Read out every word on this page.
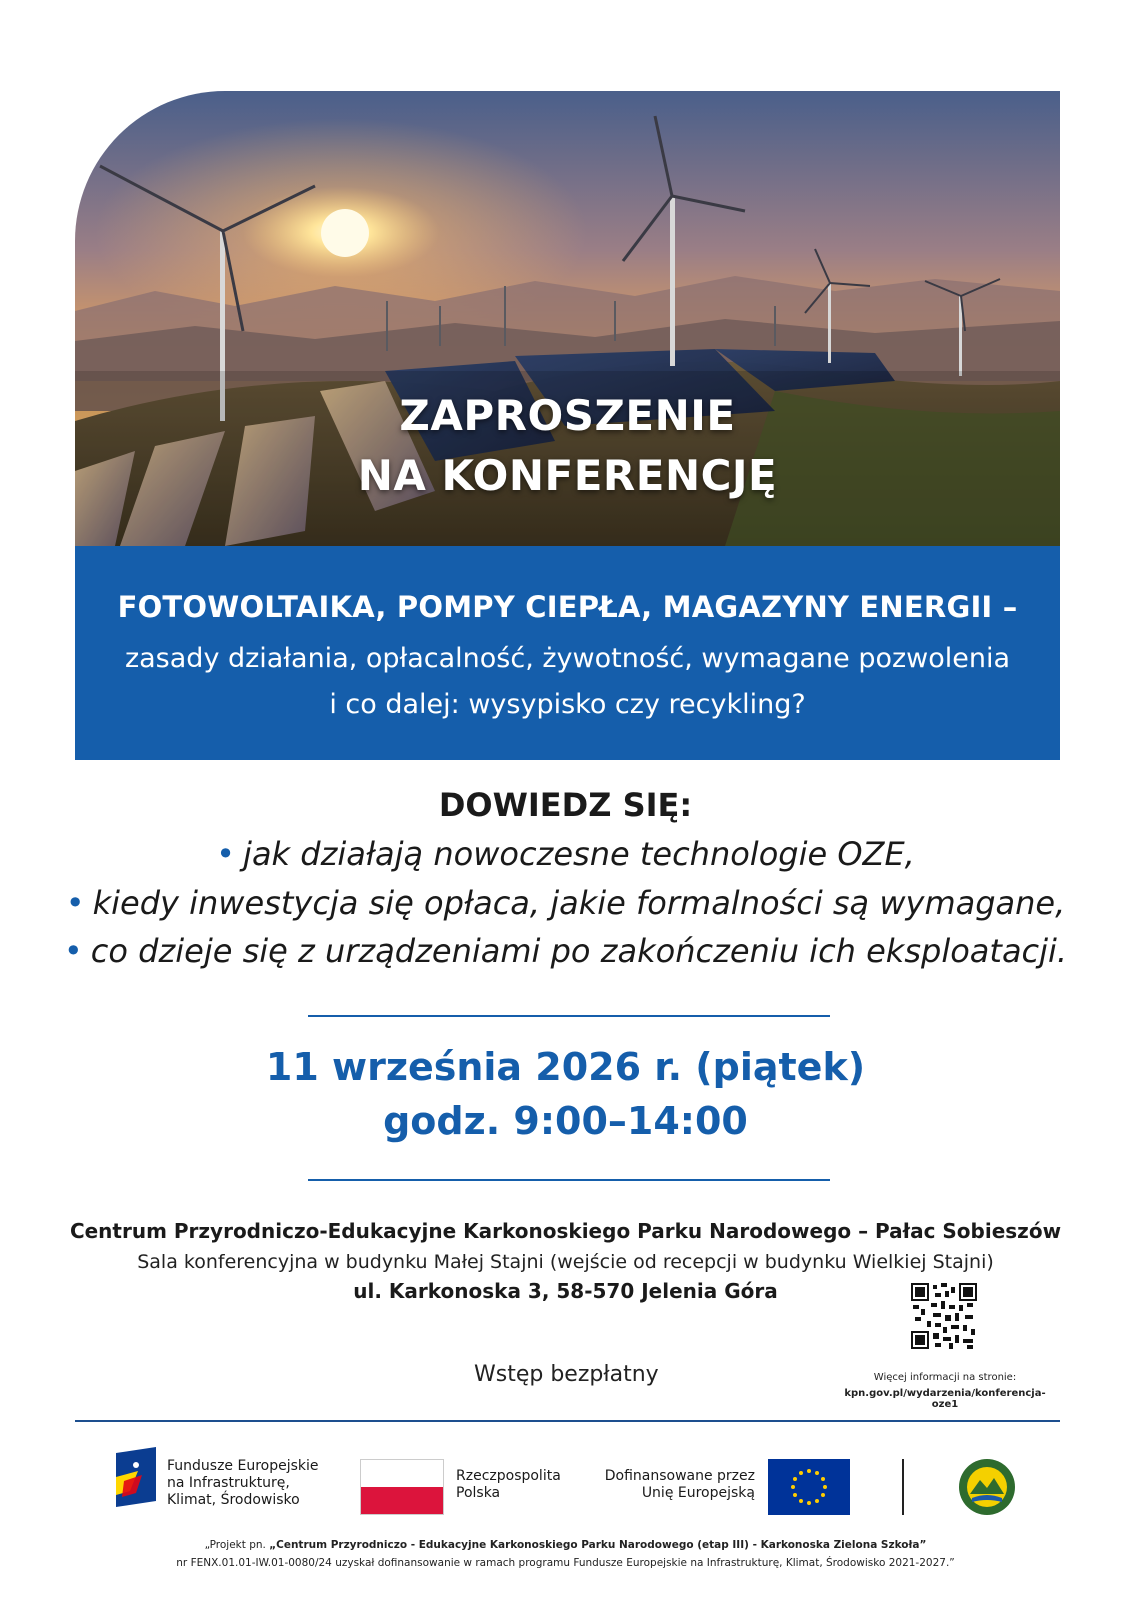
ZAPROSZENIE
NA KONFERENCJĘ
FOTOWOLTAIKA, POMPY CIEPŁA, MAGAZYNY ENERGII –
zasady działania, opłacalność, żywotność, wymagane pozwolenia
i co dalej: wysypisko czy recykling?
DOWIEDZ SIĘ:
• jak działają nowoczesne technologie OZE,
• kiedy inwestycja się opłaca, jakie formalności są wymagane,
• co dzieje się z urządzeniami po zakończeniu ich eksploatacji.
11 września 2026 r. (piątek)
godz. 9:00–14:00
Centrum Przyrodniczo-Edukacyjne Karkonoskiego Parku Narodowego – Pałac Sobieszów
Sala konferencyjna w budynku Małej Stajni (wejście od recepcji w budynku Wielkiej Stajni)
ul. Karkonoska 3, 58-570 Jelenia Góra
Więcej informacji na stronie:
kpn.gov.pl/wydarzenia/konferencja-oze1
Wstęp bezpłatny
Fundusze Europejskie
na Infrastrukturę,
Klimat, Środowisko
Rzeczpospolita
Polska
Dofinansowane przez
Unię Europejską
„Projekt pn. „Centrum Przyrodniczo - Edukacyjne Karkonoskiego Parku Narodowego (etap III) - Karkonoska Zielona Szkoła”
nr FENX.01.01-IW.01-0080/24 uzyskał dofinansowanie w ramach programu Fundusze Europejskie na Infrastrukturę, Klimat, Środowisko 2021-2027.”
